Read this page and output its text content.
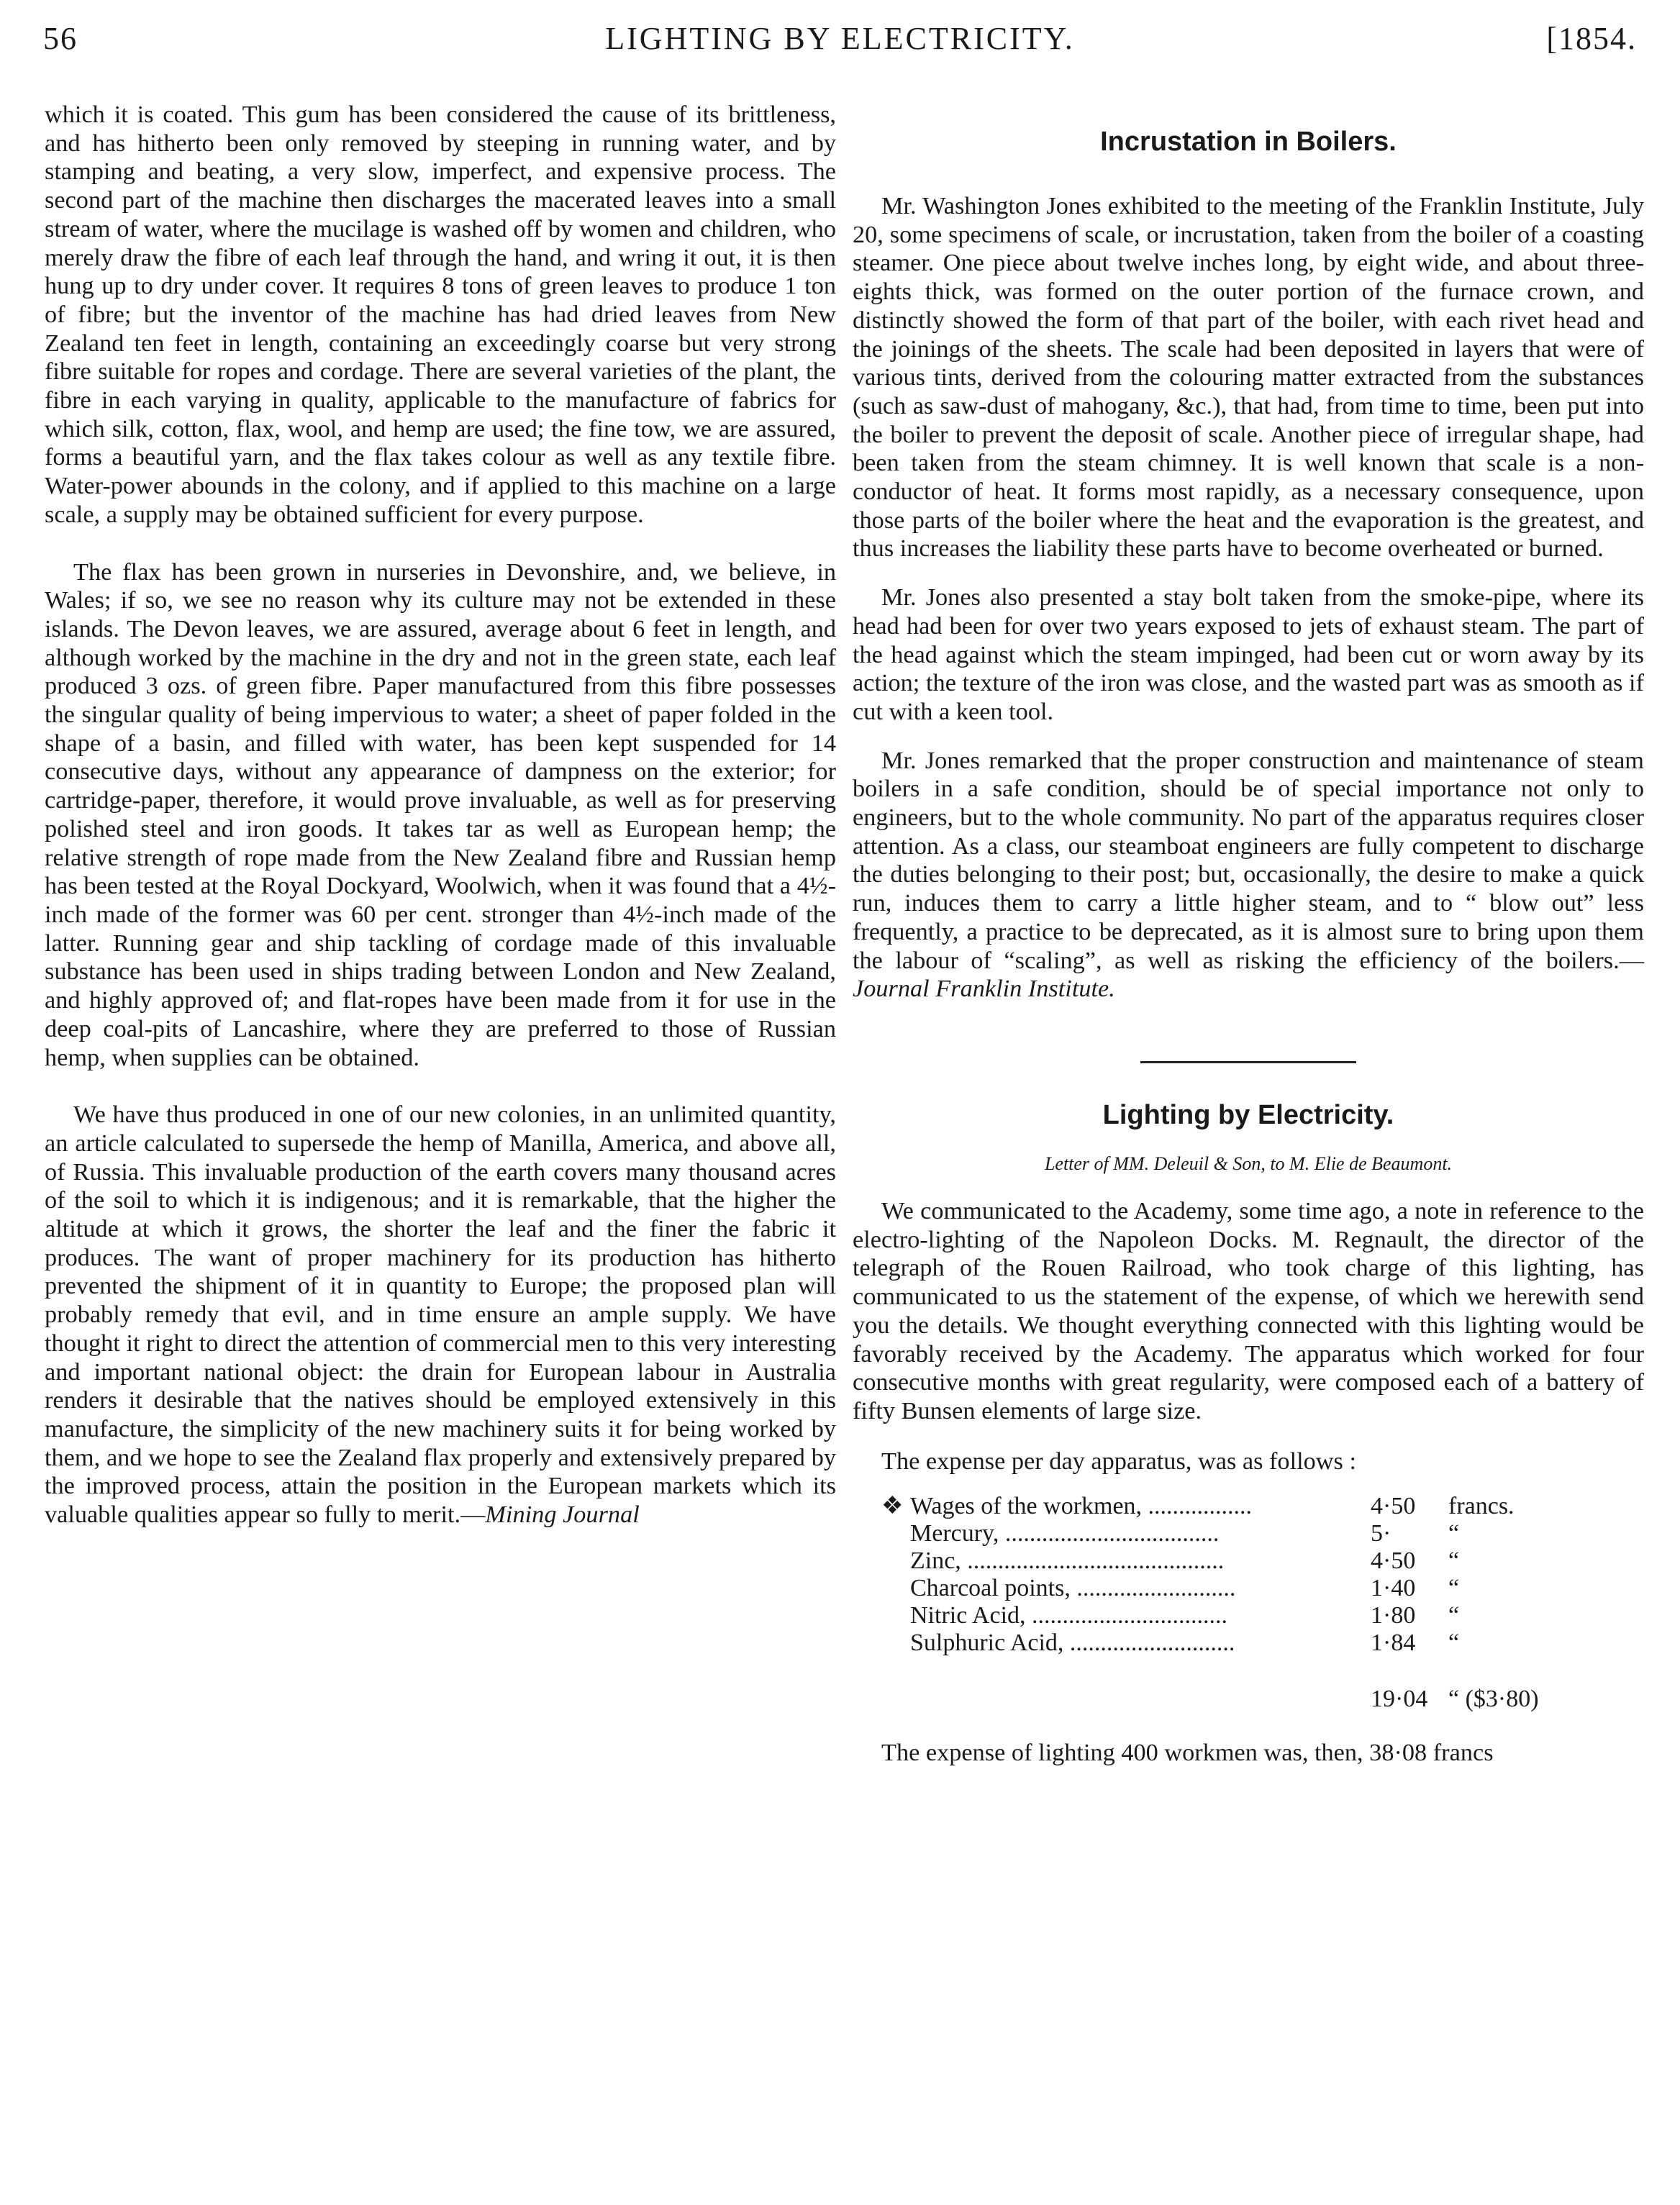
56	LIGHTING BY ELECTRICITY.	[1854.

which it is coated. This gum has been considered the cause of its brittleness, and has hitherto been only removed by steeping in running water, and by stamping and beating, a very slow, imperfect, and expensive process. The second part of the machine then discharges the macerated leaves into a small stream of water, where the mucilage is washed off by women and children, who merely draw the fibre of each leaf through the hand, and wring it out, it is then hung up to dry under cover. It requires 8 tons of green leaves to produce 1 ton of fibre; but the inventor of the machine has had dried leaves from New Zealand ten feet in length, containing an exceedingly coarse but very strong fibre suitable for ropes and cordage. There are several varieties of the plant, the fibre in each varying in quality, applicable to the manufacture of fabrics for which silk, cotton, flax, wool, and hemp are used; the fine tow, we are assured, forms a beautiful yarn, and the flax takes colour as well as any textile fibre. Water-power abounds in the colony, and if applied to this machine on a large scale, a supply may be obtained sufficient for every purpose.

The flax has been grown in nurseries in Devonshire, and, we believe, in Wales; if so, we see no reason why its culture may not be extended in these islands. The Devon leaves, we are assured, average about 6 feet in length, and although worked by the machine in the dry and not in the green state, each leaf produced 3 ozs. of green fibre. Paper manufactured from this fibre possesses the singular quality of being impervious to water; a sheet of paper folded in the shape of a basin, and filled with water, has been kept suspended for 14 consecutive days, without any appearance of dampness on the exterior; for cartridge-paper, therefore, it would prove invaluable, as well as for preserving polished steel and iron goods. It takes tar as well as European hemp; the relative strength of rope made from the New Zealand fibre and Russian hemp has been tested at the Royal Dockyard, Woolwich, when it was found that a 4½-inch made of the former was 60 per cent. stronger than 4½-inch made of the latter. Running gear and ship tackling of cordage made of this invaluable substance has been used in ships trading between London and New Zealand, and highly approved of; and flat-ropes have been made from it for use in the deep coal-pits of Lancashire, where they are preferred to those of Russian hemp, when supplies can be obtained.

We have thus produced in one of our new colonies, in an unlimited quantity, an article calculated to supersede the hemp of Manilla, America, and above all, of Russia. This invaluable production of the earth covers many thousand acres of the soil to which it is indigenous; and it is remarkable, that the higher the altitude at which it grows, the shorter the leaf and the finer the fabric it produces. The want of proper machinery for its production has hitherto prevented the shipment of it in quantity to Europe; the proposed plan will probably remedy that evil, and in time ensure an ample supply. We have thought it right to direct the attention of commercial men to this very interesting and important national object: the drain for European labour in Australia renders it desirable that the natives should be employed extensively in this manufacture, the simplicity of the new machinery suits it for being worked by them, and we hope to see the Zealand flax properly and extensively prepared by the improved process, attain the position in the European markets which its valuable qualities appear so fully to merit.—Mining Journal

Incrustation in Boilers.

Mr. Washington Jones exhibited to the meeting of the Franklin Institute, July 20, some specimens of scale, or incrustation, taken from the boiler of a coasting steamer. One piece about twelve inches long, by eight wide, and about three-eights thick, was formed on the outer portion of the furnace crown, and distinctly showed the form of that part of the boiler, with each rivet head and the joinings of the sheets. The scale had been deposited in layers that were of various tints, derived from the colouring matter extracted from the substances (such as saw-dust of mahogany, &c.), that had, from time to time, been put into the boiler to prevent the deposit of scale. Another piece of irregular shape, had been taken from the steam chimney. It is well known that scale is a non-conductor of heat. It forms most rapidly, as a necessary consequence, upon those parts of the boiler where the heat and the evaporation is the greatest, and thus increases the liability these parts have to become overheated or burned.

Mr. Jones also presented a stay bolt taken from the smoke-pipe, where its head had been for over two years exposed to jets of exhaust steam. The part of the head against which the steam impinged, had been cut or worn away by its action; the texture of the iron was close, and the wasted part was as smooth as if cut with a keen tool.

Mr. Jones remarked that the proper construction and maintenance of steam boilers in a safe condition, should be of special importance not only to engineers, but to the whole community. No part of the apparatus requires closer attention. As a class, our steamboat engineers are fully competent to discharge the duties belonging to their post; but, occasionally, the desire to make a quick run, induces them to carry a little higher steam, and to “ blow out” less frequently, a practice to be deprecated, as it is almost sure to bring upon them the labour of “scaling”, as well as risking the efficiency of the boilers.—Journal Franklin Institute.

Lighting by Electricity.
Letter of MM. Deleuil & Son, to M. Elie de Beaumont.

We communicated to the Academy, some time ago, a note in reference to the electro-lighting of the Napoleon Docks. M. Regnault, the director of the telegraph of the Rouen Railroad, who took charge of this lighting, has communicated to us the statement of the expense, of which we herewith send you the details. We thought everything connected with this lighting would be favorably received by the Academy. The apparatus which worked for four consecutive months with great regularity, were composed each of a battery of fifty Bunsen elements of large size.

The expense per day apparatus, was as follows :

❖ Wages of the workmen, .................	4·50	francs.
Mercury, ...................................	5·	“
Zinc, ..........................................	4·50	“
Charcoal points, ..........................	1·40	“
Nitric Acid, ................................	1·80	“
Sulphuric Acid, ...........................	1·84	“
	19·04	“ ($3·80)

The expense of lighting 400 workmen was, then, 38·08 francs
